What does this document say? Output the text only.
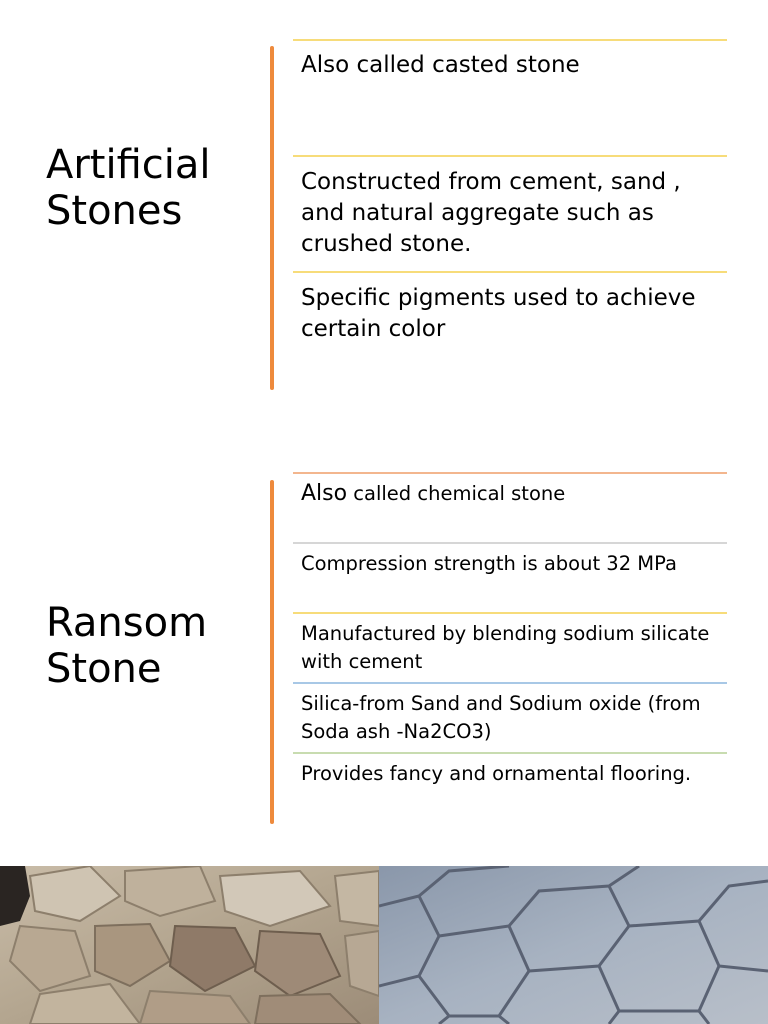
Artificial
Stones
Also called casted stone
Constructed from cement, sand , and natural aggregate such as crushed stone.
Specific pigments used to achieve certain color
Ransom
Stone
Also called chemical stone
Compression strength is about 32 MPa
Manufactured by blending sodium silicate with cement
Silica-from Sand and Sodium oxide (from Soda ash -Na2CO3)
Provides fancy and ornamental flooring.
